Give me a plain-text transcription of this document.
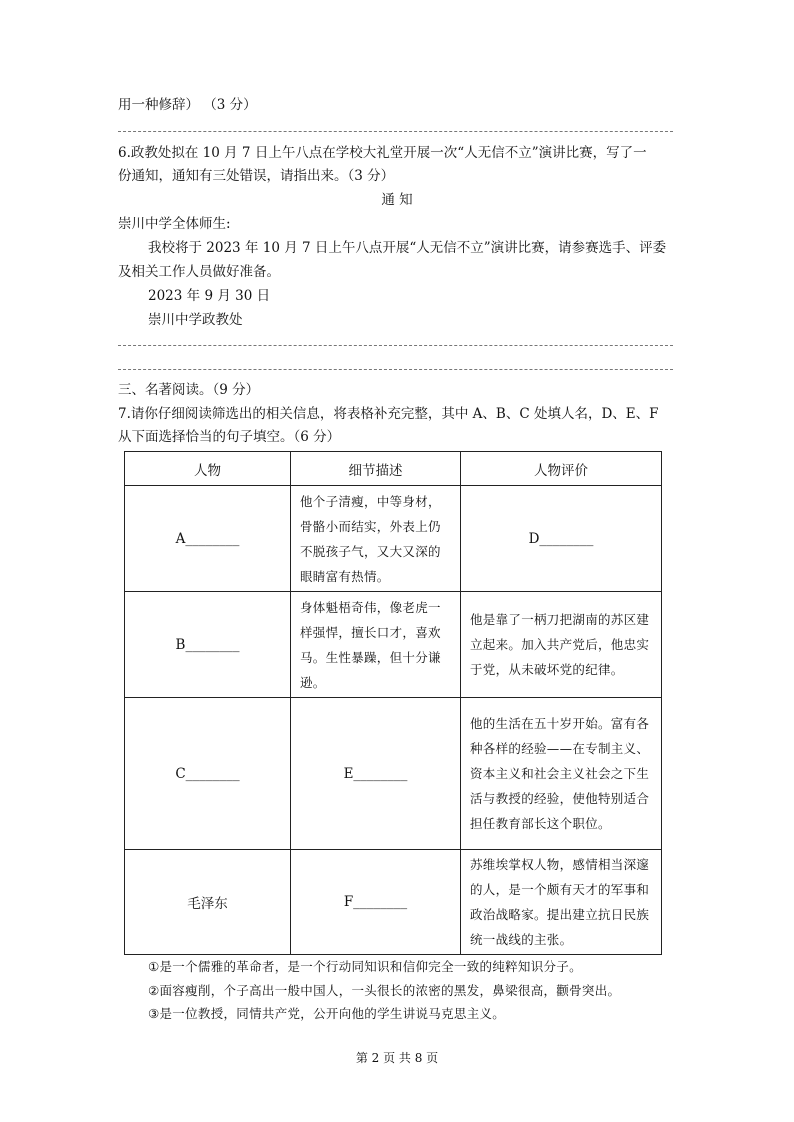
用一种修辞） （3 分）
6.政教处拟在 10 月 7 日上午八点在学校大礼堂开展一次“人无信不立”演讲比赛，写了一
份通知，通知有三处错误，请指出来。（3 分）
通 知
崇川中学全体师生:
我校将于 2023 年 10 月 7 日上午八点开展“人无信不立”演讲比赛，请参赛选手、评委
及相关工作人员做好准备。
2023 年 9 月 30 日
崇川中学政教处
三、名著阅读。（9 分）
7.请你仔细阅读筛选出的相关信息，将表格补充完整，其中 A、B、C 处填人名，D、E、F
从下面选择恰当的句子填空。（6 分）
人物	细节描述	人物评价
A________	他个子清瘦，中等身材，骨骼小而结实，外表上仍不脱孩子气，又大又深的眼睛富有热情。	D________
B________	身体魁梧奇伟，像老虎一样强悍，擅长口才，喜欢马。生性暴躁，但十分谦逊。	他是靠了一柄刀把湖南的苏区建立起来。加入共产党后，他忠实于党，从未破坏党的纪律。
C________	E________	他的生活在五十岁开始。富有各种各样的经验——在专制主义、资本主义和社会主义社会之下生活与教授的经验，使他特别适合担任教育部长这个职位。
毛泽东	F________	苏维埃掌权人物，感情相当深邃的人，是一个颇有天才的军事和政治战略家。提出建立抗日民族统一战线的主张。
①是一个儒雅的革命者，是一个行动同知识和信仰完全一致的纯粹知识分子。
②面容瘦削，个子高出一般中国人，一头很长的浓密的黑发，鼻梁很高，颧骨突出。
③是一位教授，同情共产党，公开向他的学生讲说马克思主义。
第 2 页 共 8 页
